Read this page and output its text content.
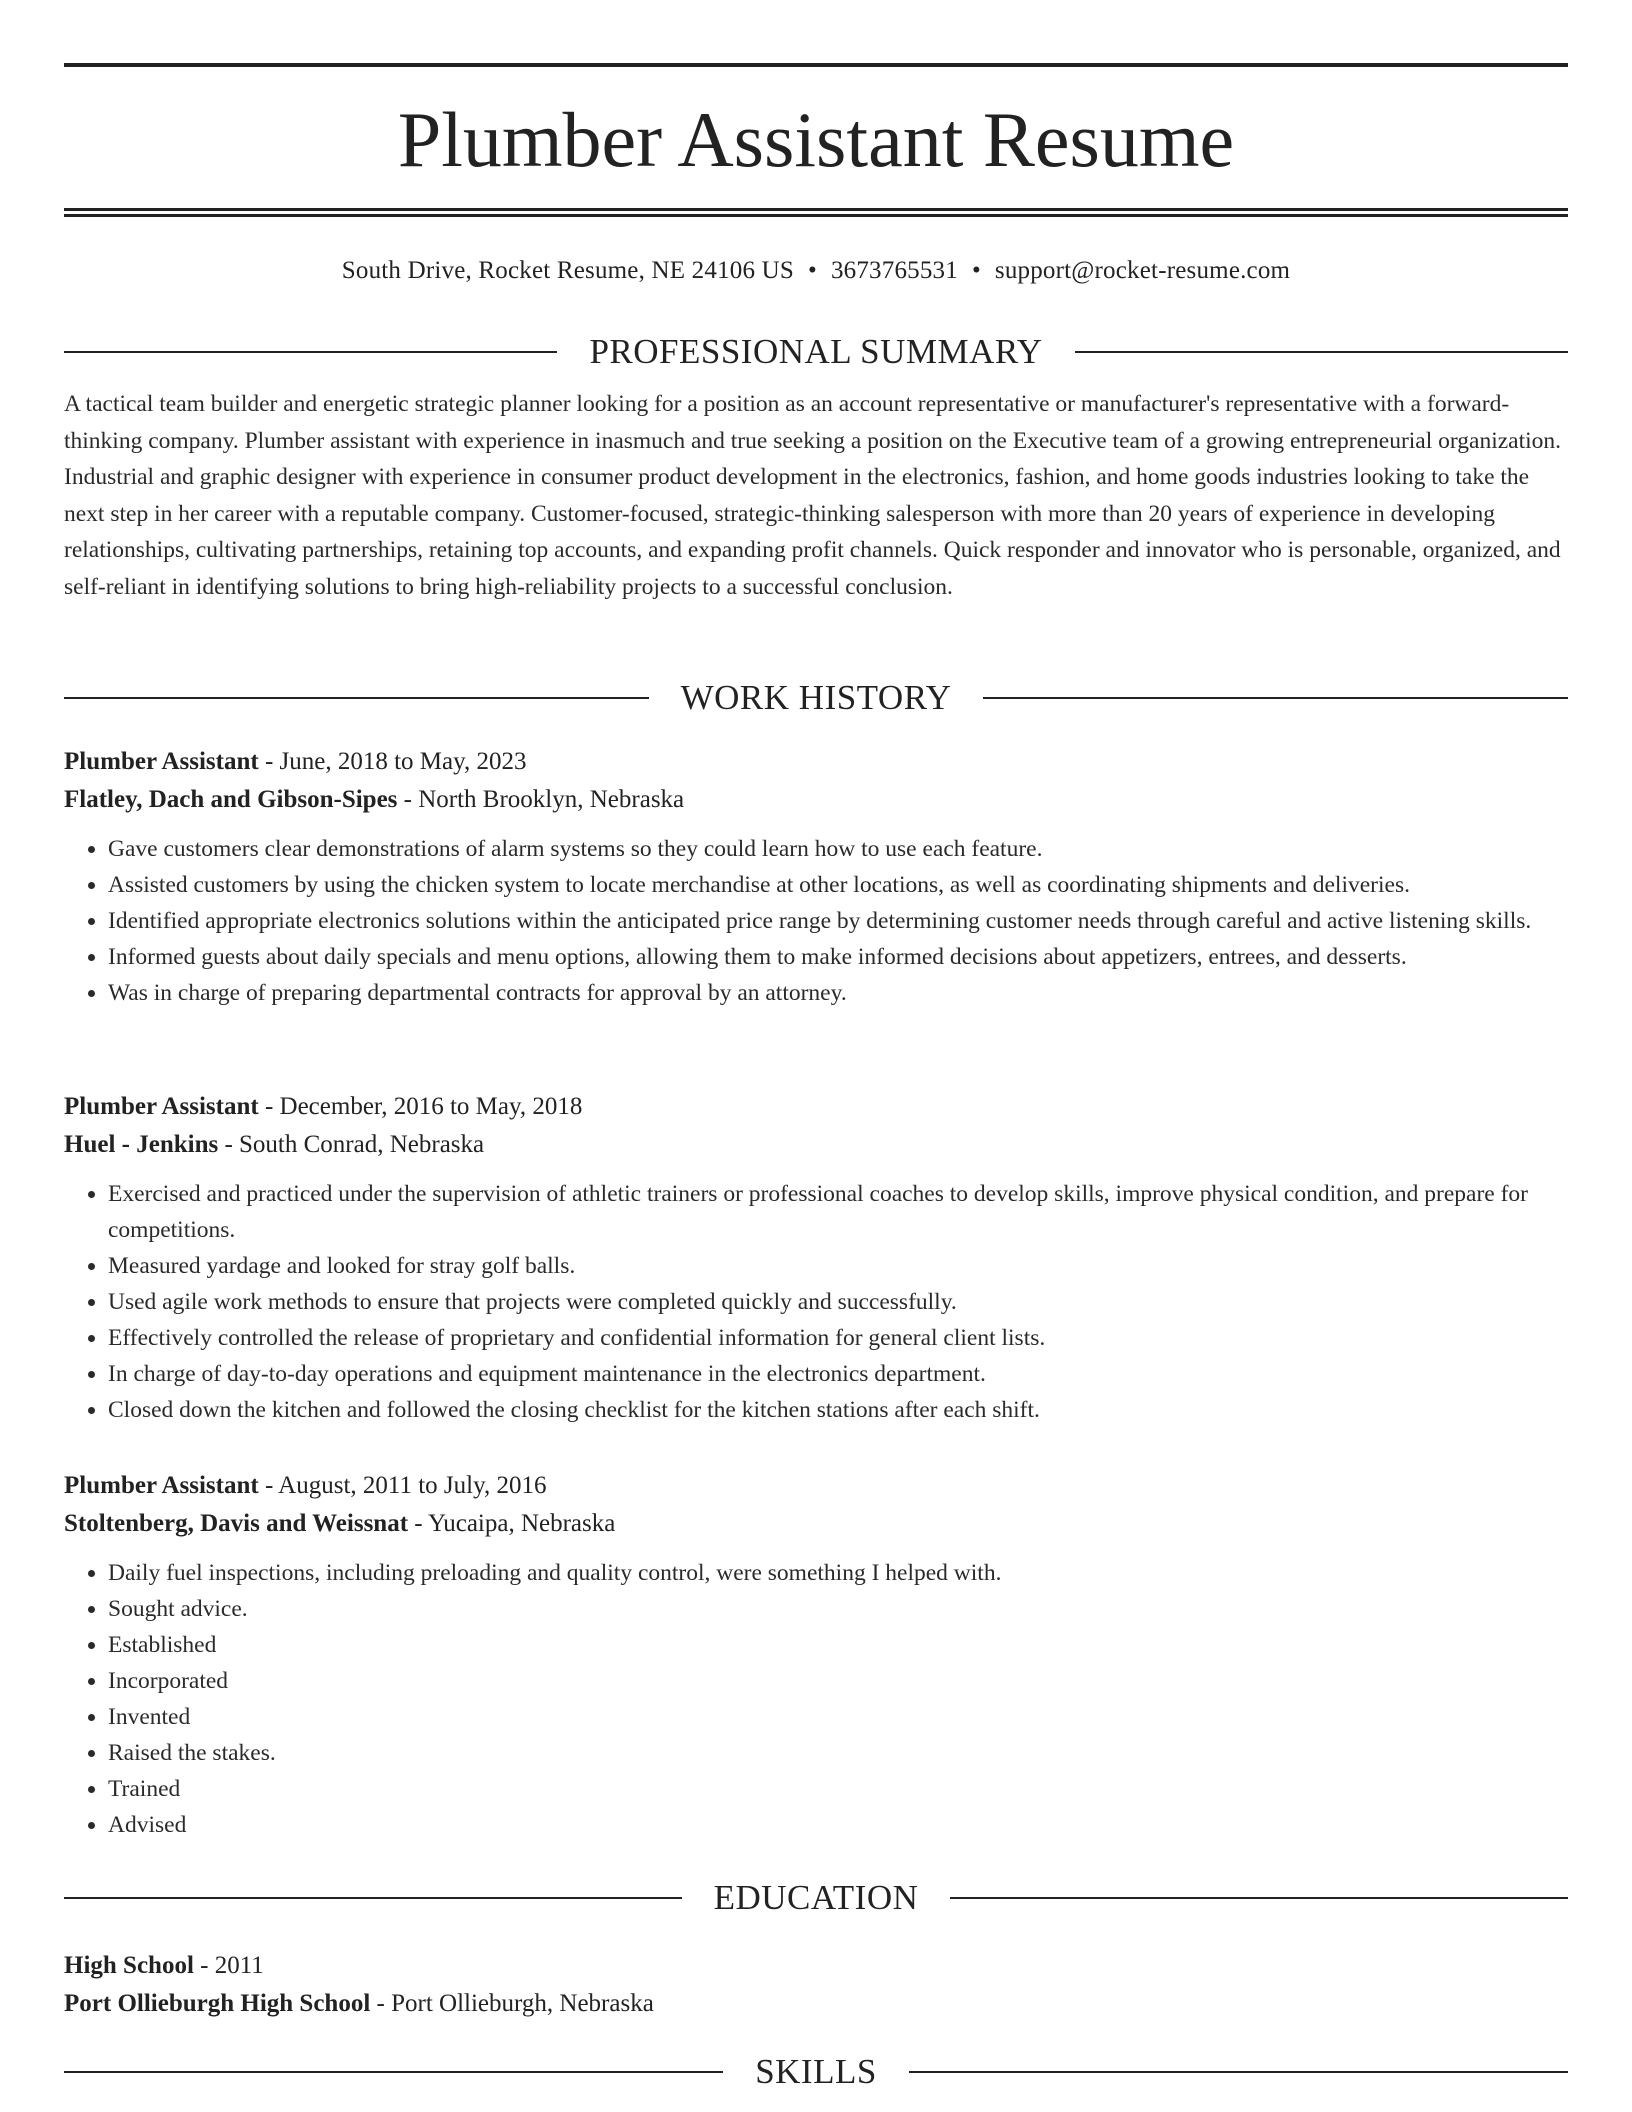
Plumber Assistant Resume
South Drive, Rocket Resume, NE 24106 US • 3673765531 • support@rocket-resume.com
PROFESSIONAL SUMMARY

A tactical team builder and energetic strategic planner looking for a position as an account representative or manufacturer's representative with a forward-thinking company. Plumber assistant with experience in inasmuch and true seeking a position on the Executive team of a growing entrepreneurial organization. Industrial and graphic designer with experience in consumer product development in the electronics, fashion, and home goods industries looking to take the next step in her career with a reputable company. Customer-focused, strategic-thinking salesperson with more than 20 years of experience in developing relationships, cultivating partnerships, retaining top accounts, and expanding profit channels. Quick responder and innovator who is personable, organized, and self-reliant in identifying solutions to bring high-reliability projects to a successful conclusion.

WORK HISTORY
Plumber Assistant - June, 2018 to May, 2023
Flatley, Dach and Gibson-Sipes - North Brooklyn, Nebraska
• Gave customers clear demonstrations of alarm systems so they could learn how to use each feature.
• Assisted customers by using the chicken system to locate merchandise at other locations, as well as coordinating shipments and deliveries.
• Identified appropriate electronics solutions within the anticipated price range by determining customer needs through careful and active listening skills.
• Informed guests about daily specials and menu options, allowing them to make informed decisions about appetizers, entrees, and desserts.
• Was in charge of preparing departmental contracts for approval by an attorney.
Plumber Assistant - December, 2016 to May, 2018
Huel - Jenkins - South Conrad, Nebraska
• Exercised and practiced under the supervision of athletic trainers or professional coaches to develop skills, improve physical condition, and prepare for competitions.
• Measured yardage and looked for stray golf balls.
• Used agile work methods to ensure that projects were completed quickly and successfully.
• Effectively controlled the release of proprietary and confidential information for general client lists.
• In charge of day-to-day operations and equipment maintenance in the electronics department.
• Closed down the kitchen and followed the closing checklist for the kitchen stations after each shift.
Plumber Assistant - August, 2011 to July, 2016
Stoltenberg, Davis and Weissnat - Yucaipa, Nebraska
• Daily fuel inspections, including preloading and quality control, were something I helped with.
• Sought advice.
• Established
• Incorporated
• Invented
• Raised the stakes.
• Trained
• Advised
EDUCATION
High School - 2011
Port Ollieburgh High School - Port Ollieburgh, Nebraska
SKILLS
